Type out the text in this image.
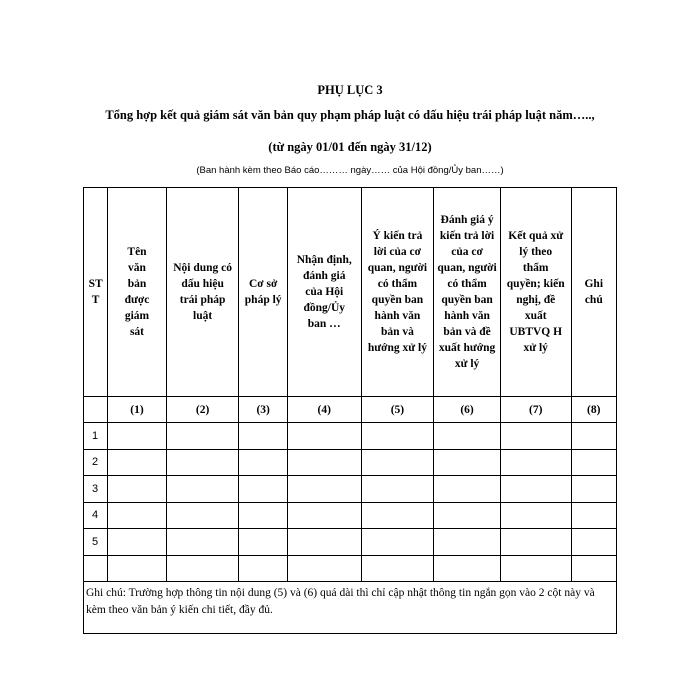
PHỤ LỤC 3
Tổng hợp kết quả giám sát văn bản quy phạm pháp luật có dấu hiệu trái pháp luật năm…..,
(từ ngày 01/01 đến ngày 31/12)
(Ban hành kèm theo Báo cáo……… ngày…… của Hội đồng/Ủy ban……)
ST T	Tên văn bản được giám sát	Nội dung có dấu hiệu trái pháp luật	Cơ sở pháp lý	Nhận định, đánh giá của Hội đồng/Ủy ban …	Ý kiến trả lời của cơ quan, người có thẩm quyền ban hành văn bản và hướng xử lý	Đánh giá ý kiến trả lời của cơ quan, người có thẩm quyền ban hành văn bản và đề xuất hướng xử lý	Kết quả xử lý theo thẩm quyền; kiến nghị, đề xuất UBTVQ H xử lý	Ghi chú
	(1)	(2)	(3)	(4)	(5)	(6)	(7)	(8)
1								
2								
3								
4								
5								

Ghi chú: Trường hợp thông tin nội dung (5) và (6) quá dài thì chỉ cập nhật thông tin ngắn gọn vào 2 cột này và kèm theo văn bản ý kiến chi tiết, đầy đủ.								
